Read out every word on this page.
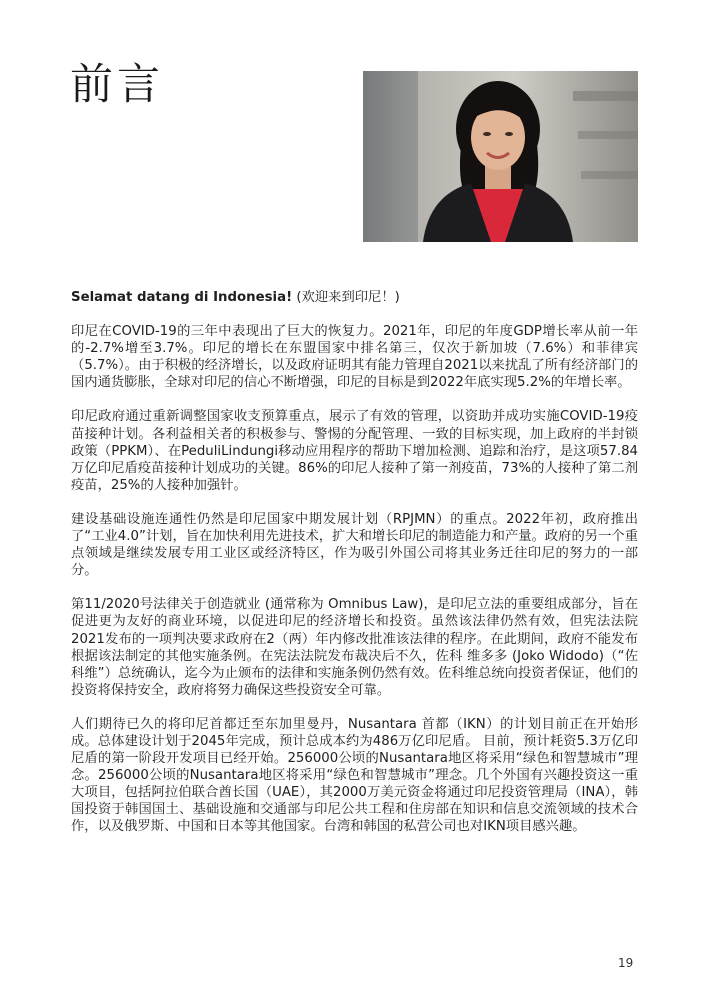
前言

Selamat datang di Indonesia! (欢迎来到印尼！)

印尼在COVID-19的三年中表现出了巨大的恢复力。2021年，印尼的年度GDP增长率从前一年的-2.7%增至3.7%。印尼的增长在东盟国家中排名第三，仅次于新加坡（7.6%）和菲律宾（5.7%）。由于积极的经济增长，以及政府证明其有能力管理自2021以来扰乱了所有经济部门的国内通货膨胀，全球对印尼的信心不断增强，印尼的目标是到2022年底实现5.2%的年增长率。

印尼政府通过重新调整国家收支预算重点，展示了有效的管理，以资助并成功实施COVID-19疫苗接种计划。各利益相关者的积极参与、警惕的分配管理、一致的目标实现，加上政府的半封锁政策（PPKM）、在PeduliLindungi移动应用程序的帮助下增加检测、追踪和治疗，是这项57.84万亿印尼盾疫苗接种计划成功的关键。86%的印尼人接种了第一剂疫苗，73%的人接种了第二剂疫苗，25%的人接种加强针。

建设基础设施连通性仍然是印尼国家中期发展计划（RPJMN）的重点。2022年初，政府推出了“工业4.0”计划，旨在加快利用先进技术，扩大和增长印尼的制造能力和产量。政府的另一个重点领域是继续发展专用工业区或经济特区，作为吸引外国公司将其业务迁往印尼的努力的一部分。

第11/2020号法律关于创造就业 (通常称为 Omnibus Law)，是印尼立法的重要组成部分，旨在促进更为友好的商业环境，以促进印尼的经济增长和投资。虽然该法律仍然有效，但宪法法院2021发布的一项判决要求政府在2（两）年内修改批准该法律的程序。在此期间，政府不能发布根据该法制定的其他实施条例。在宪法法院发布裁决后不久，佐科 维多多 (Joko Widodo)（“佐科维”）总统确认，迄今为止颁布的法律和实施条例仍然有效。佐科维总统向投资者保证，他们的投资将保持安全，政府将努力确保这些投资安全可靠。

人们期待已久的将印尼首都迁至东加里曼丹，Nusantara 首都（IKN）的计划目前正在开始形成。总体建设计划于2045年完成，预计总成本约为486万亿印尼盾。 目前，预计耗资5.3万亿印尼盾的第一阶段开发项目已经开始。256000公顷的Nusantara地区将采用“绿色和智慧城市”理念。256000公顷的Nusantara地区将采用“绿色和智慧城市”理念。几个外国有兴趣投资这一重大项目，包括阿拉伯联合酋长国（UAE），其2000万美元资金将通过印尼投资管理局（INA），韩国投资于韩国国土、基础设施和交通部与印尼公共工程和住房部在知识和信息交流领域的技术合作，以及俄罗斯、中国和日本等其他国家。台湾和韩国的私营公司也对IKN项目感兴趣。

19
